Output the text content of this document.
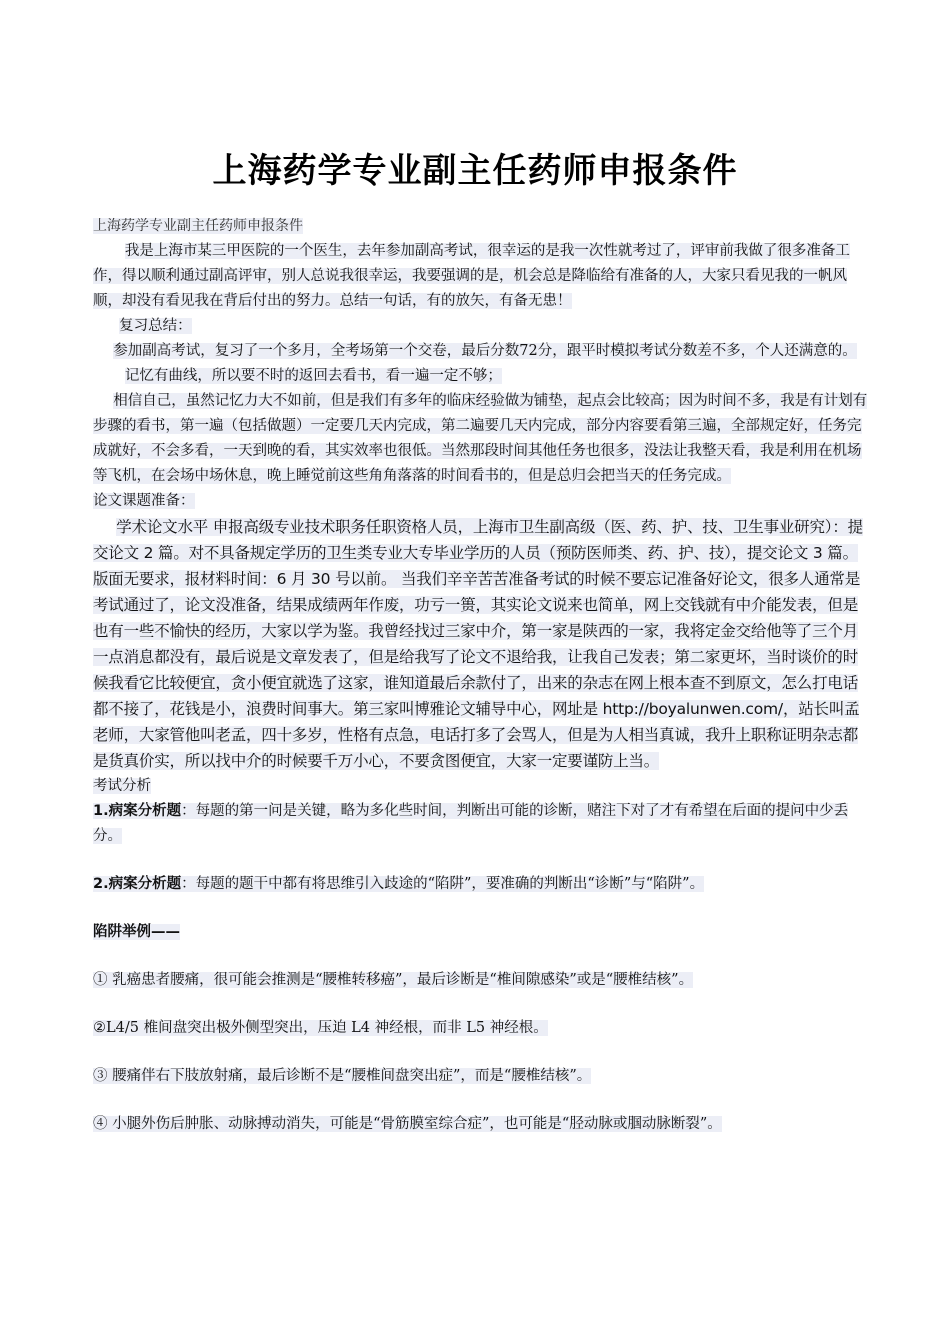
上海药学专业副主任药师申报条件

上海药学专业副主任药师申报条件

我是上海市某三甲医院的一个医生，去年参加副高考试，很幸运的是我一次性就考过了，评审前我做了很多准备工作，得以顺利通过副高评审，别人总说我很幸运，我要强调的是，机会总是降临给有准备的人，大家只看见我的一帆风顺，却没有看见我在背后付出的努力。总结一句话，有的放矢，有备无患！

复习总结：

参加副高考试，复习了一个多月，全考场第一个交卷，最后分数72分，跟平时模拟考试分数差不多，个人还满意的。

记忆有曲线，所以要不时的返回去看书，看一遍一定不够；

相信自己，虽然记忆力大不如前，但是我们有多年的临床经验做为铺垫，起点会比较高；因为时间不多，我是有计划有步骤的看书，第一遍（包括做题）一定要几天内完成，第二遍要几天内完成，部分内容要看第三遍，全部规定好，任务完成就好，不会多看，一天到晚的看，其实效率也很低。当然那段时间其他任务也很多，没法让我整天看，我是利用在机场等飞机，在会场中场休息，晚上睡觉前这些角角落落的时间看书的，但是总归会把当天的任务完成。

论文课题准备：

学术论文水平 申报高级专业技术职务任职资格人员，上海市卫生副高级（医、药、护、技、卫生事业研究）：提交论文 2 篇。对不具备规定学历的卫生类专业大专毕业学历的人员（预防医师类、药、护、技），提交论文 3 篇。版面无要求，报材料时间：6 月 30 号以前。 当我们辛辛苦苦准备考试的时候不要忘记准备好论文，很多人通常是考试通过了，论文没准备，结果成绩两年作废，功亏一篑，其实论文说来也简单，网上交钱就有中介能发表，但是也有一些不愉快的经历，大家以学为鉴。我曾经找过三家中介，第一家是陕西的一家，我将定金交给他等了三个月一点消息都没有，最后说是文章发表了，但是给我写了论文不退给我，让我自己发表；第二家更坏，当时谈价的时候我看它比较便宜，贪小便宜就选了这家，谁知道最后余款付了，出来的杂志在网上根本查不到原文，怎么打电话都不接了，花钱是小，浪费时间事大。第三家叫博雅论文辅导中心，网址是 http://boyalunwen.com/，站长叫孟老师，大家管他叫老孟，四十多岁，性格有点急，电话打多了会骂人，但是为人相当真诚，我升上职称证明杂志都是货真价实，所以找中介的时候要千万小心，不要贪图便宜，大家一定要谨防上当。

考试分析

1.病案分析题：每题的第一问是关键，略为多化些时间，判断出可能的诊断，赌注下对了才有希望在后面的提问中少丢分。

2.病案分析题：每题的题干中都有将思维引入歧途的“陷阱”，要准确的判断出“诊断”与“陷阱”。

陷阱举例——

① 乳癌患者腰痛，很可能会推测是“腰椎转移癌”，最后诊断是“椎间隙感染”或是“腰椎结核”。

②L4/5 椎间盘突出极外侧型突出，压迫 L4 神经根，而非 L5 神经根。

③ 腰痛伴右下肢放射痛，最后诊断不是“腰椎间盘突出症”，而是“腰椎结核”。

④ 小腿外伤后肿胀、动脉搏动消失，可能是“骨筋膜室综合症”，也可能是“胫动脉或腘动脉断裂”。
